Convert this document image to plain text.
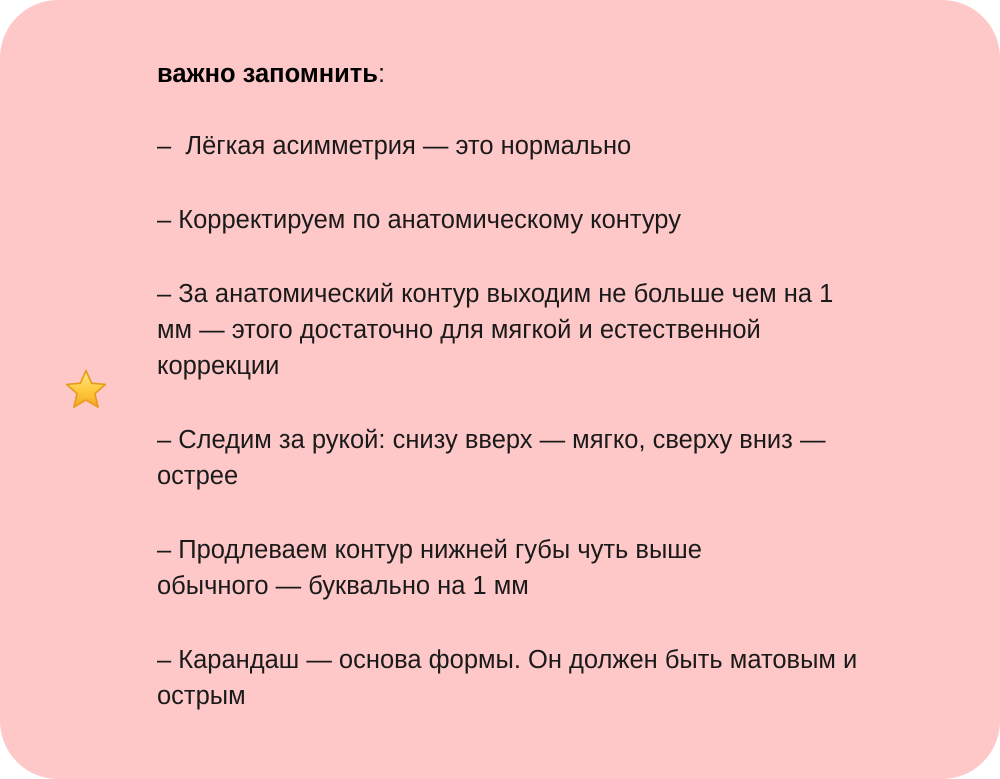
важно запомнить:

–  Лёгкая асимметрия — это нормально

– Корректируем по анатомическому контуру

– За анатомический контур выходим не больше чем на 1
мм — этого достаточно для мягкой и естественной
коррекции

– Следим за рукой: снизу вверх — мягко, сверху вниз —
острее

– Продлеваем контур нижней губы чуть выше
обычного — буквально на 1 мм

– Карандаш — основа формы. Он должен быть матовым и
острым
